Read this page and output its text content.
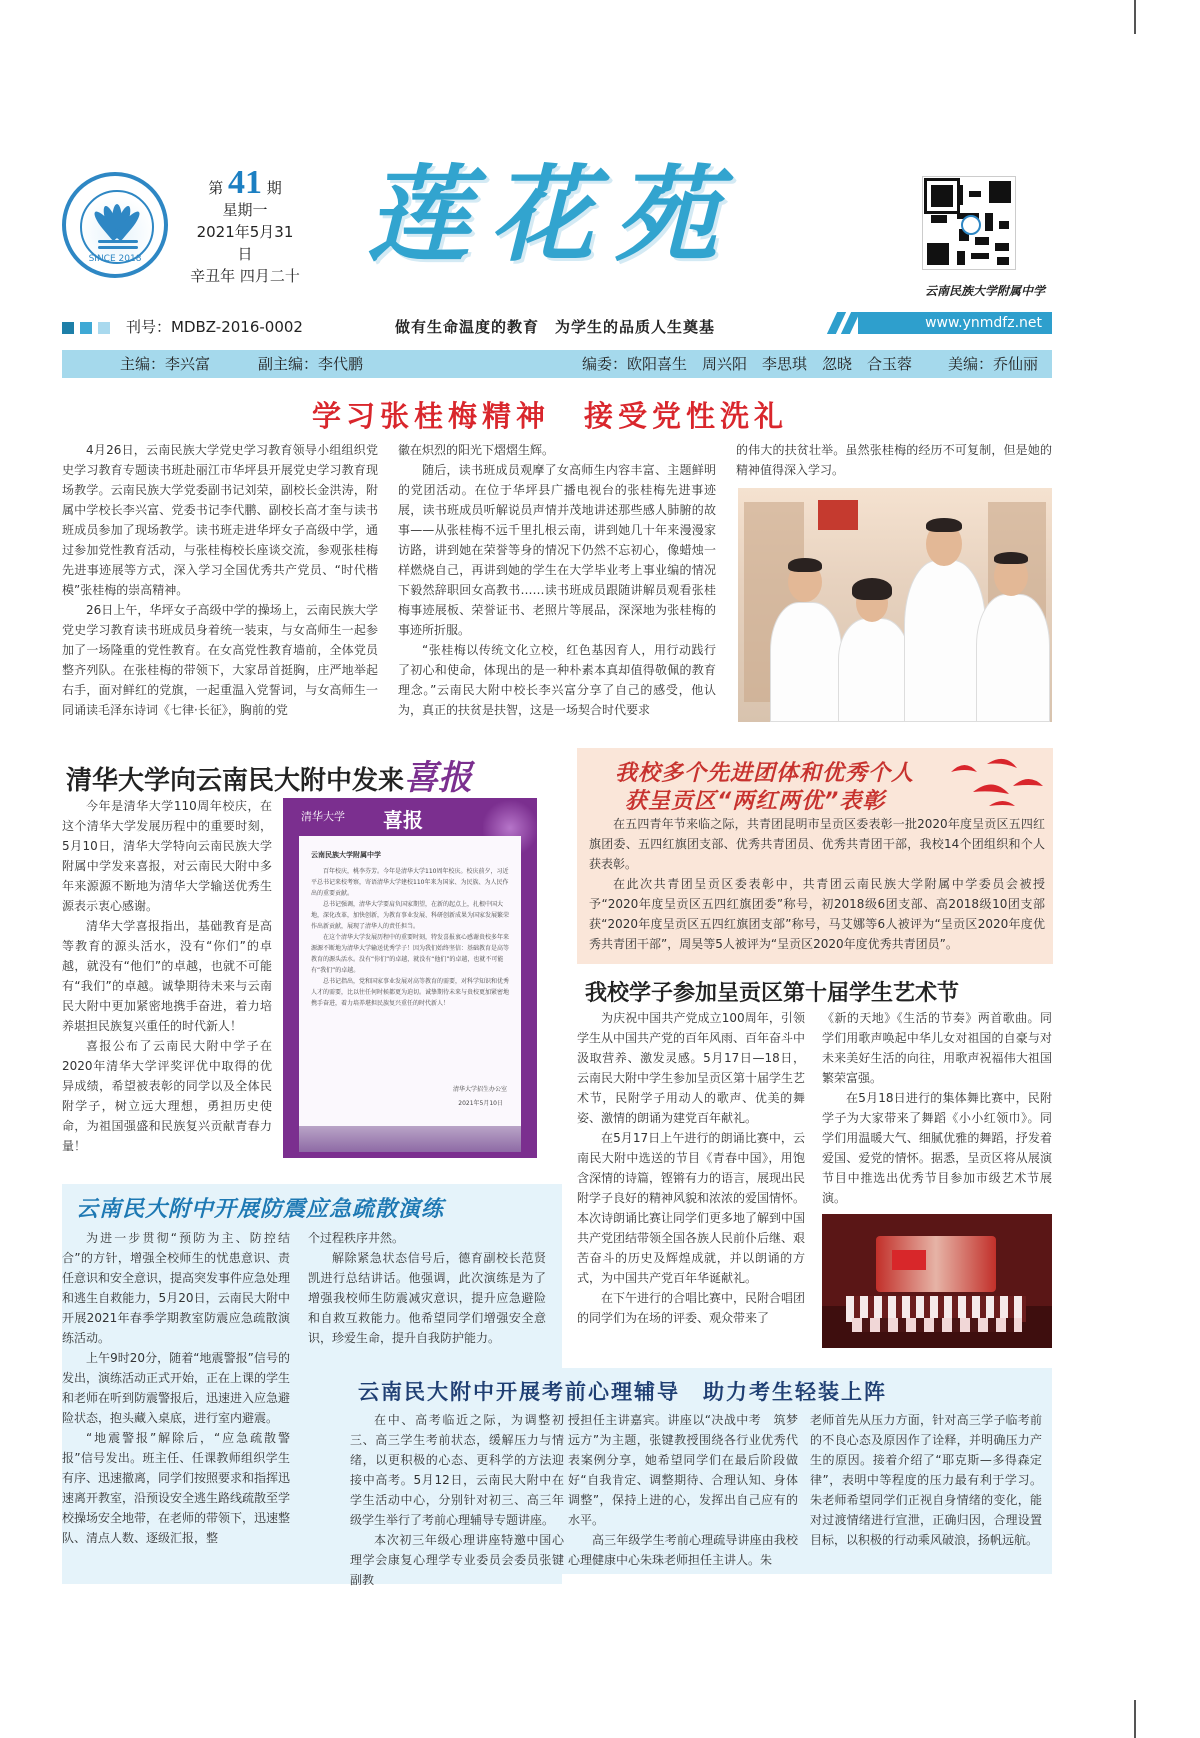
SINCE 2018
第 41 期
星期一
2021年5月31日
辛丑年 四月二十 莲花苑
云南民族大学附属中学
刊号：MDBZ-2016-0002	做有生命温度的教育　为学生的品质人生奠基	www.ynmdfz.net
主编：李兴富	副主编：李代鹏	编委：欧阳喜生　周兴阳　李思琪　忽晓　合玉蓉 美编：乔仙丽
学习张桂梅精神　接受党性洗礼

4月26日，云南民族大学党史学习教育领导小组组织党史学习教育专题读书班赴丽江市华坪县开展党史学习教育现场教学。云南民族大学党委副书记刘荣，副校长金洪涛，附属中学校长李兴富、党委书记李代鹏、副校长高才奎与读书班成员参加了现场教学。读书班走进华坪女子高级中学，通过参加党性教育活动，与张桂梅校长座谈交流，参观张桂梅先进事迹展等方式，深入学习全国优秀共产党员、“时代楷模”张桂梅的崇高精神。

26日上午，华坪女子高级中学的操场上，云南民族大学党史学习教育读书班成员身着统一装束，与女高师生一起参加了一场隆重的党性教育。在女高党性教育墙前，全体党员整齐列队。在张桂梅的带领下，大家昂首挺胸，庄严地举起右手，面对鲜红的党旗，一起重温入党誓词，与女高师生一同诵读毛泽东诗词《七律·长征》，胸前的党

徽在炽烈的阳光下熠熠生辉。

随后，读书班成员观摩了女高师生内容丰富、主题鲜明的党团活动。在位于华坪县广播电视台的张桂梅先进事迹展，读书班成员听解说员声情并茂地讲述那些感人肺腑的故事——从张桂梅不远千里扎根云南，讲到她几十年来漫漫家访路，讲到她在荣誉等身的情况下仍然不忘初心，像蜡烛一样燃烧自己，再讲到她的学生在大学毕业考上事业编的情况下毅然辞职回女高教书……读书班成员跟随讲解员观看张桂梅事迹展板、荣誉证书、老照片等展品，深深地为张桂梅的事迹所折服。

“张桂梅以传统文化立校，红色基因育人，用行动践行了初心和使命，体现出的是一种朴素本真却值得敬佩的教育理念。”云南民大附中校长李兴富分享了自己的感受，他认为，真正的扶贫是扶智，这是一场契合时代要求

的伟大的扶贫壮举。虽然张桂梅的经历不可复制，但是她的精神值得深入学习。

清华大学向云南民大附中发来喜报

今年是清华大学110周年校庆，在这个清华大学发展历程中的重要时刻，5月10日，清华大学特向云南民族大学附属中学发来喜报，对云南民大附中多年来源源不断地为清华大学输送优秀生源表示衷心感谢。

清华大学喜报指出，基础教育是高等教育的源头活水，没有“你们”的卓越，就没有“他们”的卓越，也就不可能有“我们”的卓越。诚挚期待未来与云南民大附中更加紧密地携手奋进，着力培养堪担民族复兴重任的时代新人！

喜报公布了云南民大附中学子在2020年清华大学评奖评优中取得的优异成绩，希望被表彰的同学以及全体民附学子，树立远大理想，勇担历史使命，为祖国强盛和民族复兴贡献青春力量！

清华大学 喜报
云南民族大学附属中学
百年校庆，桃李芬芳。今年是清华大学110周年校庆。校庆前夕，习近平总书记来校考察，寄语清华大学建校110年来为国家、为民族、为人民作出的重要贡献。
总书记强调，清华大学要肩负国家期望，在新的起点上，扎根中国大地，深化改革，加快创新，为教育事业发展、科研创新成果为国家发展繁荣作出新贡献，展现了清华人的责任担当。
在这个清华大学发展历程中的重要时刻，特发喜报衷心感谢贵校多年来源源不断地为清华大学输送优秀学子！因为我们始终坚信：基础教育是高等教育的源头活水。没有“你们”的卓越，就没有“他们”的卓越，也就不可能有“我们”的卓越。
总书记指出，党和国家事业发展对高等教育的需要，对科学知识和优秀人才的需要，比以往任何时候都更为迫切。诚挚期待未来与贵校更加紧密地携手奋进，着力培养堪担民族复兴重任的时代新人！
清华大学招生办公室
2021年5月10日
我校多个先进团体和优秀个人
获呈贡区“两红两优”表彰

在五四青年节来临之际，共青团昆明市呈贡区委表彰一批2020年度呈贡区五四红旗团委、五四红旗团支部、优秀共青团员、优秀共青团干部，我校14个团组织和个人获表彰。

在此次共青团呈贡区委表彰中，共青团云南民族大学附属中学委员会被授予“2020年度呈贡区五四红旗团委”称号，初2018级6团支部、高2018级10团支部获“2020年度呈贡区五四红旗团支部”称号，马艾娜等6人被评为“呈贡区2020年度优秀共青团干部”，周昊等5人被评为“呈贡区2020年度优秀共青团员”。

我校学子参加呈贡区第十届学生艺术节

为庆祝中国共产党成立100周年，引领学生从中国共产党的百年风雨、百年奋斗中汲取营养、激发灵感。5月17日—18日，云南民大附中学生参加呈贡区第十届学生艺术节，民附学子用动人的歌声、优美的舞姿、激情的朗诵为建党百年献礼。

在5月17日上午进行的朗诵比赛中，云南民大附中选送的节目《青春中国》，用饱含深情的诗篇，铿锵有力的语言，展现出民附学子良好的精神风貌和浓浓的爱国情怀。本次诗朗诵比赛让同学们更多地了解到中国共产党团结带领全国各族人民前仆后继、艰苦奋斗的历史及辉煌成就，并以朗诵的方式，为中国共产党百年华诞献礼。

在下午进行的合唱比赛中，民附合唱团的同学们为在场的评委、观众带来了

《新的天地》《生活的节奏》两首歌曲。同学们用歌声唤起中华儿女对祖国的自豪与对未来美好生活的向往，用歌声祝福伟大祖国繁荣富强。

在5月18日进行的集体舞比赛中，民附学子为大家带来了舞蹈《小小红领巾》。同学们用温暖大气、细腻优雅的舞蹈，抒发着爱国、爱党的情怀。据悉，呈贡区将从展演节目中推选出优秀节目参加市级艺术节展演。

云南民大附中开展防震应急疏散演练

为进一步贯彻“预防为主、防控结合”的方针，增强全校师生的忧患意识、责任意识和安全意识，提高突发事件应急处理和逃生自救能力，5月20日，云南民大附中开展2021年春季学期教室防震应急疏散演练活动。

上午9时20分，随着“地震警报”信号的发出，演练活动正式开始，正在上课的学生和老师在听到防震警报后，迅速进入应急避险状态，抱头藏入桌底，进行室内避震。

“地震警报”解除后，“应急疏散警报”信号发出。班主任、任课教师组织学生有序、迅速撤离，同学们按照要求和指挥迅速离开教室，沿预设安全逃生路线疏散至学校操场安全地带，在老师的带领下，迅速整队、清点人数、逐级汇报，整

个过程秩序井然。

解除紧急状态信号后，德育副校长范贤凯进行总结讲话。他强调，此次演练是为了增强我校师生防震减灾意识，提升应急避险和自救互救能力。他希望同学们增强安全意识，珍爱生命，提升自我防护能力。

云南民大附中开展考前心理辅导　助力考生轻装上阵

在中、高考临近之际，为调整初三、高三学生考前状态，缓解压力与情绪，以更积极的心态、更科学的方法迎接中高考。5月12日，云南民大附中在学生活动中心，分别针对初三、高三年级学生举行了考前心理辅导专题讲座。

本次初三年级心理讲座特邀中国心理学会康复心理学专业委员会委员张键副教

授担任主讲嘉宾。讲座以“决战中考　筑梦远方”为主题，张键教授围绕各行业优秀代表案例分享，她希望同学们在最后阶段做好“自我肯定、调整期待、合理认知、身体调整”，保持上进的心，发挥出自己应有的水平。

高三年级学生考前心理疏导讲座由我校心理健康中心朱珠老师担任主讲人。朱

老师首先从压力方面，针对高三学子临考前的不良心态及原因作了诠释，并明确压力产生的原因。接着介绍了“耶克斯—多得森定律”，表明中等程度的压力最有利于学习。朱老师希望同学们正视自身情绪的变化，能对过渡情绪进行宣泄，正确归因，合理设置目标，以积极的行动乘风破浪，扬帆远航。
